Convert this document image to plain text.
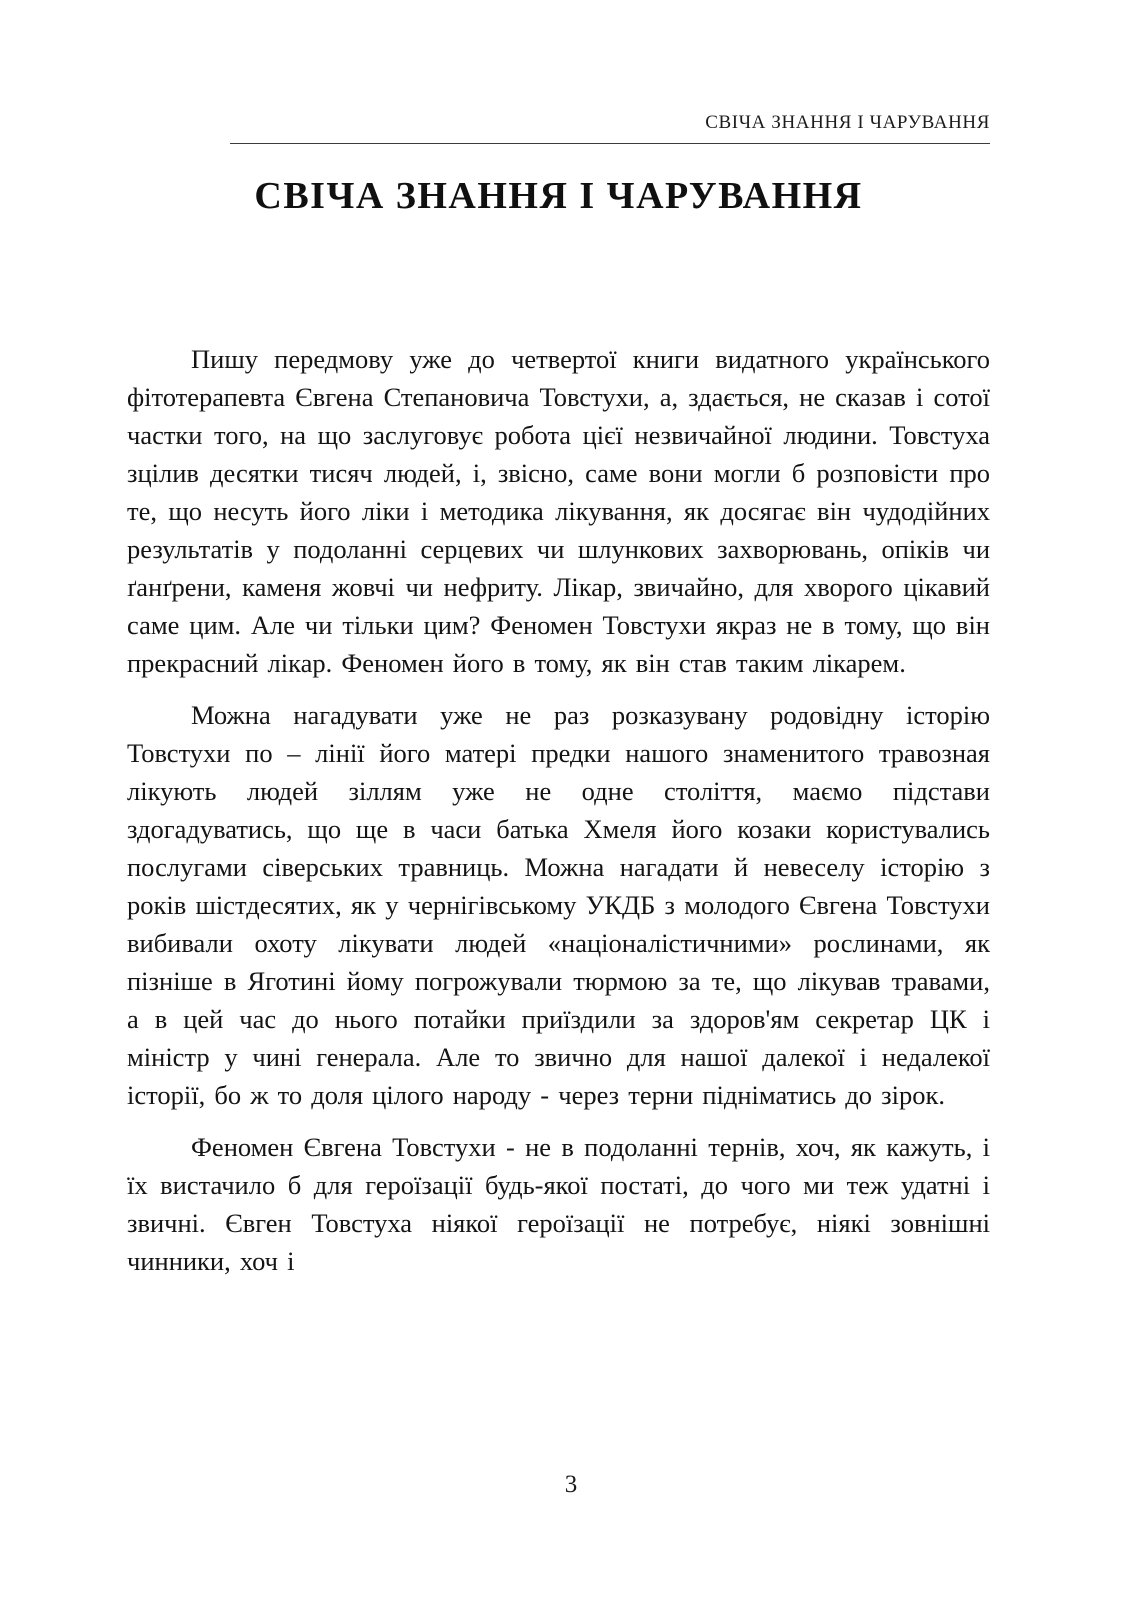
СВІЧА ЗНАННЯ І ЧАРУВАННЯ
СВІЧА ЗНАННЯ І ЧАРУВАННЯ

Пишу передмову уже до четвертої книги видатного українського фітотерапевта Євгена Степановича Товстухи, а, здається, не сказав і сотої частки того, на що заслуговує робота цієї незвичайної людини. Товстуха зцілив десятки тисяч людей, і, звісно, саме вони могли б розповісти про те, що несуть його ліки і методика лікування, як досягає він чудодійних результатів у подоланні серцевих чи шлункових захворювань, опіків чи ґанґрени, каменя жовчі чи нефриту. Лікар, звичайно, для хворого цікавий саме цим. Але чи тільки цим? Феномен Товстухи якраз не в тому, що він прекрасний лікар. Феномен його в тому, як він став таким лікарем.

Можна нагадувати уже не раз розказувану родовідну історію Товстухи по – лінії його матері предки нашого знаменитого травозная лікують людей зіллям уже не одне століття, маємо підстави здогадуватись, що ще в часи батька Хмеля його козаки користувались послугами сіверських травниць. Можна нагадати й невеселу історію з років шістдесятих, як у чернігівському УКДБ з молодого Євгена Товстухи вибивали охоту лікувати людей «націоналістичними» рослинами, як пізніше в Яготині йому погрожували тюрмою за те, що лікував травами, а в цей час до нього потайки приїздили за здоров'ям секретар ЦК і міністр у чині генерала. Але то звично для нашої далекої і недалекої історії, бо ж то доля цілого народу - через терни підніматись до зірок.

Феномен Євгена Товстухи - не в подоланні тернів, хоч, як кажуть, і їх вистачило б для героїзації будь-якої постаті, до чого ми теж удатні і звичні. Євген Товстуха ніякої героїзації не потребує, ніякі зовнішні чинники, хоч і

3
